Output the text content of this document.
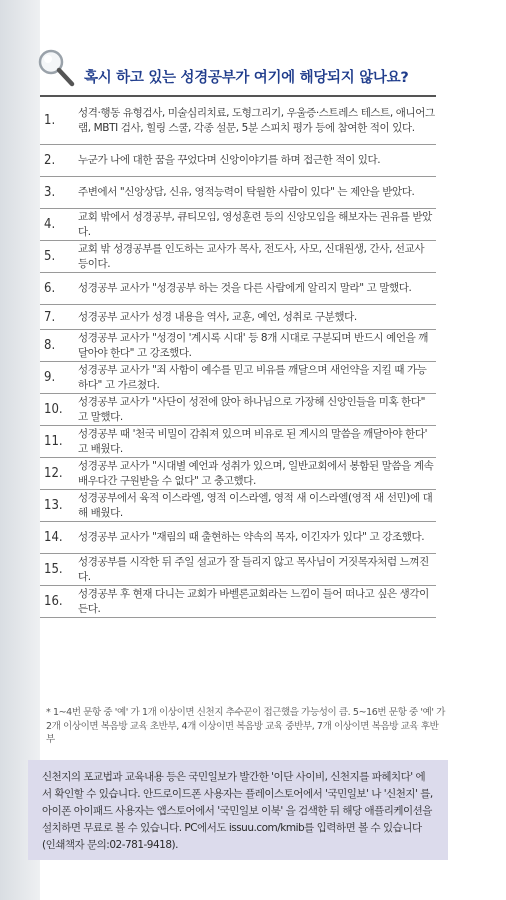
혹시 하고 있는 성경공부가 여기에 해당되지 않나요?
1.	성격·행동 유형검사, 미술심리치료, 도형그리기, 우울증·스트레스 테스트, 애니어그램, MBTI 검사, 힐링 스쿨, 각종 설문, 5분 스피치 평가 등에 참여한 적이 있다.
2.	누군가 나에 대한 꿈을 꾸었다며 신앙이야기를 하며 접근한 적이 있다.
3.	주변에서 "신앙상담, 신유, 영적능력이 탁월한 사람이 있다" 는 제안을 받았다.
4.	교회 밖에서 성경공부, 큐티모임, 영성훈련 등의 신앙모임을 해보자는 권유를 받았다.
5.	교회 밖 성경공부를 인도하는 교사가 목사, 전도사, 사모, 신대원생, 간사, 선교사 등이다.
6.	성경공부 교사가 "성경공부 하는 것을 다른 사람에게 알리지 말라" 고 말했다.
7.	성경공부 교사가 성경 내용을 역사, 교훈, 예언, 성취로 구분했다.
8.	성경공부 교사가 "성경이 '계시록 시대' 등 8개 시대로 구분되며 반드시 예언을 깨달아야 한다" 고 강조했다.
9.	성경공부 교사가 "죄 사함이 예수를 믿고 비유를 깨달으며 새언약을 지킬 때 가능하다" 고 가르쳤다.
10.	성경공부 교사가 "사단이 성전에 앉아 하나님으로 가장해 신앙인들을 미혹 한다" 고 말했다.
11.	성경공부 때 '천국 비밀이 감춰져 있으며 비유로 된 계시의 말씀을 깨달아야 한다' 고 배웠다.
12.	성경공부 교사가 "시대별 예언과 성취가 있으며, 일반교회에서 봉함된 말씀을 계속 배우다간 구원받을 수 없다" 고 충고했다.
13.	성경공부에서 육적 이스라엘, 영적 이스라엘, 영적 새 이스라엘(영적 새 선민)에 대해 배웠다.
14.	성경공부 교사가 "재림의 때 출현하는 약속의 목자, 이긴자가 있다" 고 강조했다.
15.	성경공부를 시작한 뒤 주일 설교가 잘 들리지 않고 목사님이 거짓목자처럼 느껴진다.
16.	성경공부 후 현재 다니는 교회가 바벨론교회라는 느낌이 들어 떠나고 싶은 생각이 든다.
* 1~4번 문항 중 '예' 가 1개 이상이면 신천지 추수꾼이 접근했을 가능성이 큼. 5~16번 문항 중 '예' 가 2개 이상이면 복음방 교육 초반부, 4개 이상이면 복음방 교육 중반부, 7개 이상이면 복음방 교육 후반부
신천지의 포교법과 교육내용 등은 국민일보가 발간한 '이단 사이비, 신천지를 파헤치다' 에서 확인할 수 있습니다. 안드로이드폰 사용자는 플레이스토어에서 '국민일보' 나 '신천지' 를, 아이폰 아이패드 사용자는 앱스토어에서 '국민일보 이북' 을 검색한 뒤 해당 애플리케이션을 설치하면 무료로 볼 수 있습니다. PC에서도 issuu.com/kmib를 입력하면 볼 수 있습니다(인쇄책자 문의:02-781-9418).
